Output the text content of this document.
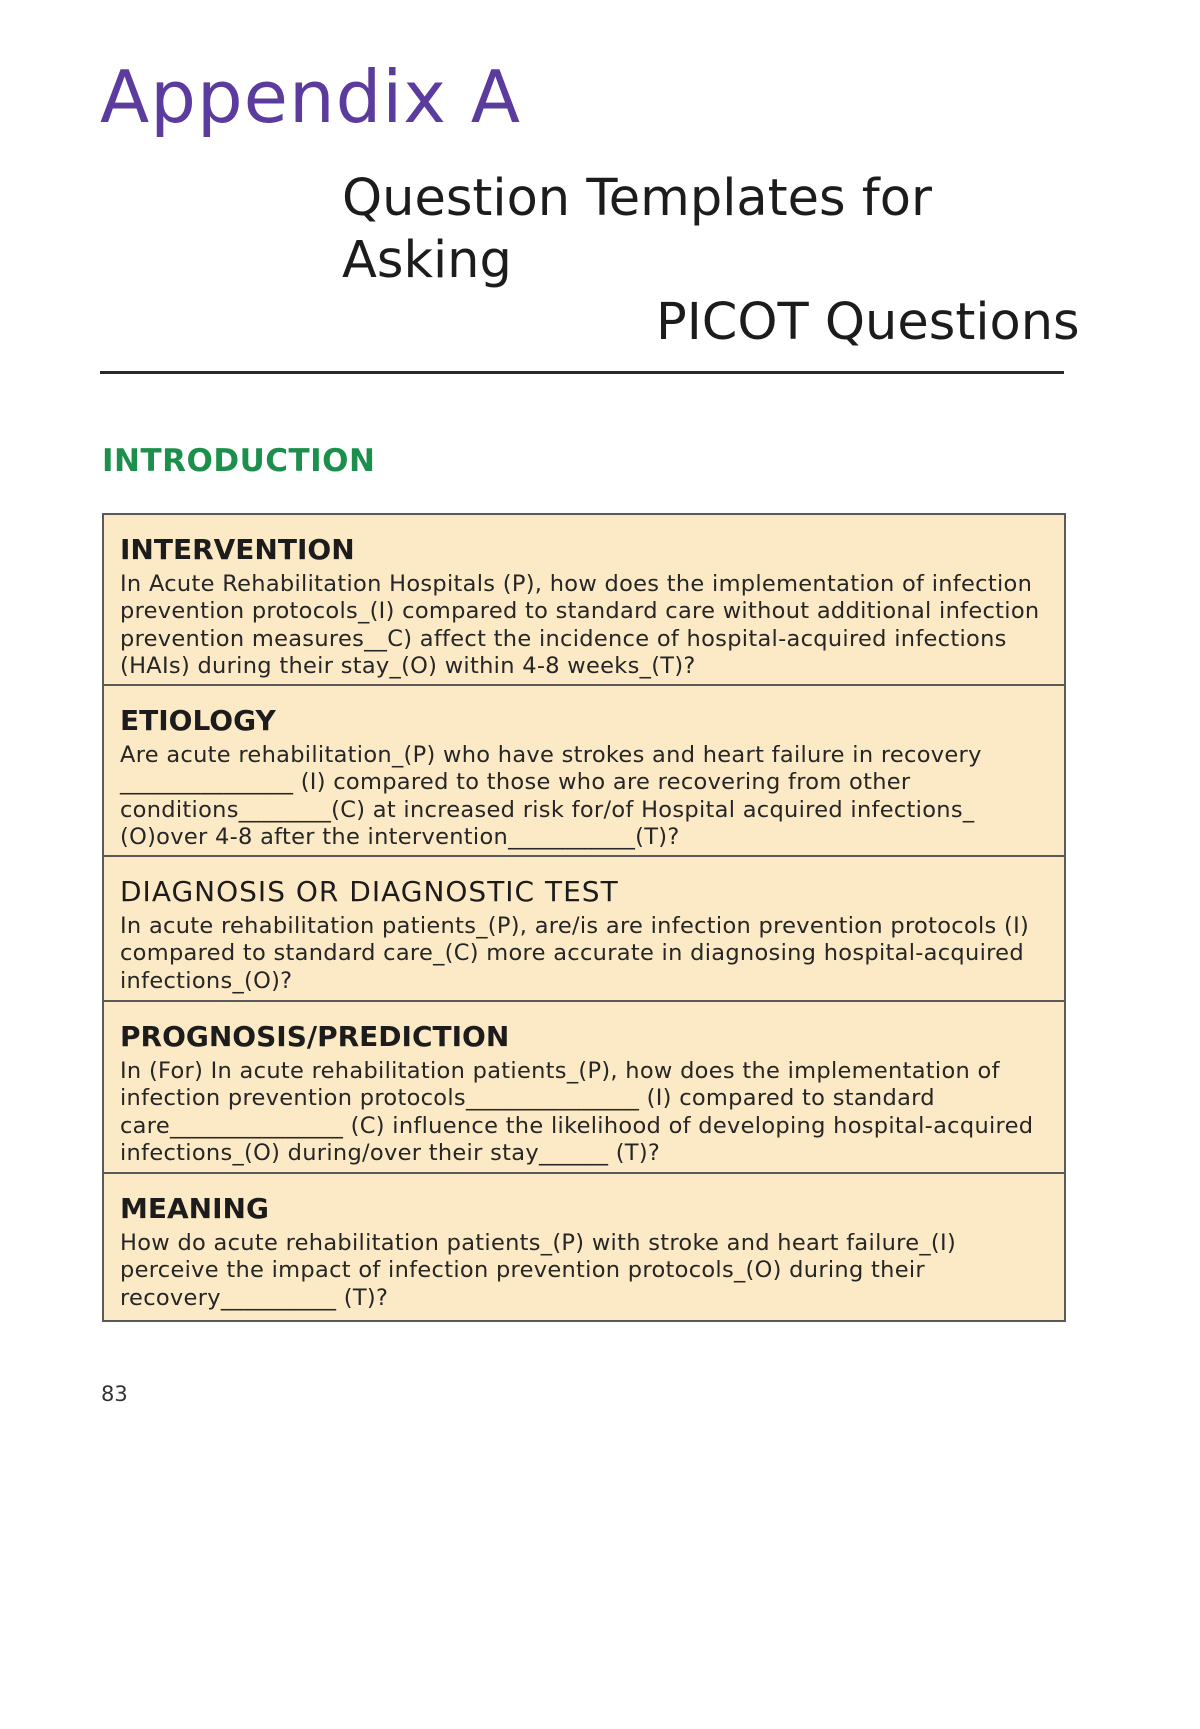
Appendix A
Question Templates for
Asking
PICOT Questions
INTRODUCTION
INTERVENTION

In Acute Rehabilitation Hospitals (P), how does the implementation of infection prevention protocols_(I) compared to standard care without additional infection prevention measures__C) affect the incidence of hospital-acquired infections (HAIs) during their stay_(O) within 4-8 weeks_(T)?

ETIOLOGY

Are acute rehabilitation_(P) who have strokes and heart failure in recovery _______________ (I) compared to those who are recovering from other conditions________(C) at increased risk for/of Hospital acquired infections_ (O)over 4-8 after the intervention___________(T)?

DIAGNOSIS OR DIAGNOSTIC TEST

In acute rehabilitation patients_(P), are/is are infection prevention protocols (I) compared to standard care_(C) more accurate in diagnosing hospital-acquired infections_(O)?

PROGNOSIS/PREDICTION

In (For) In acute rehabilitation patients_(P), how does the implementation of infection prevention protocols_______________ (I) compared to standard care_______________ (C) influence the likelihood of developing hospital-acquired infections_(O) during/over their stay______ (T)?

MEANING

How do acute rehabilitation patients_(P) with stroke and heart failure_(I) perceive the impact of infection prevention protocols_(O) during their recovery__________ (T)?

83
